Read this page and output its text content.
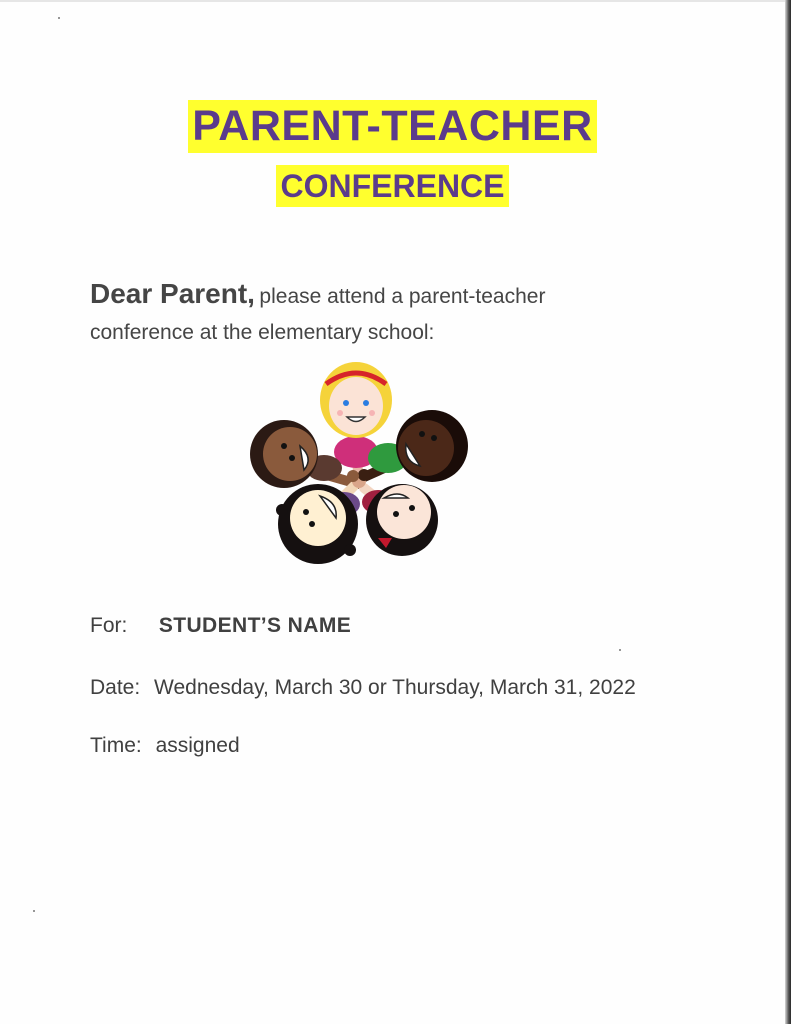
PARENT-TEACHER
CONFERENCE
Dear Parent, please attend a parent-teacher
conference at the elementary school:
For: STUDENT’S NAME
Date: Wednesday, March 30 or Thursday, March 31, 2022
Time: assigned
